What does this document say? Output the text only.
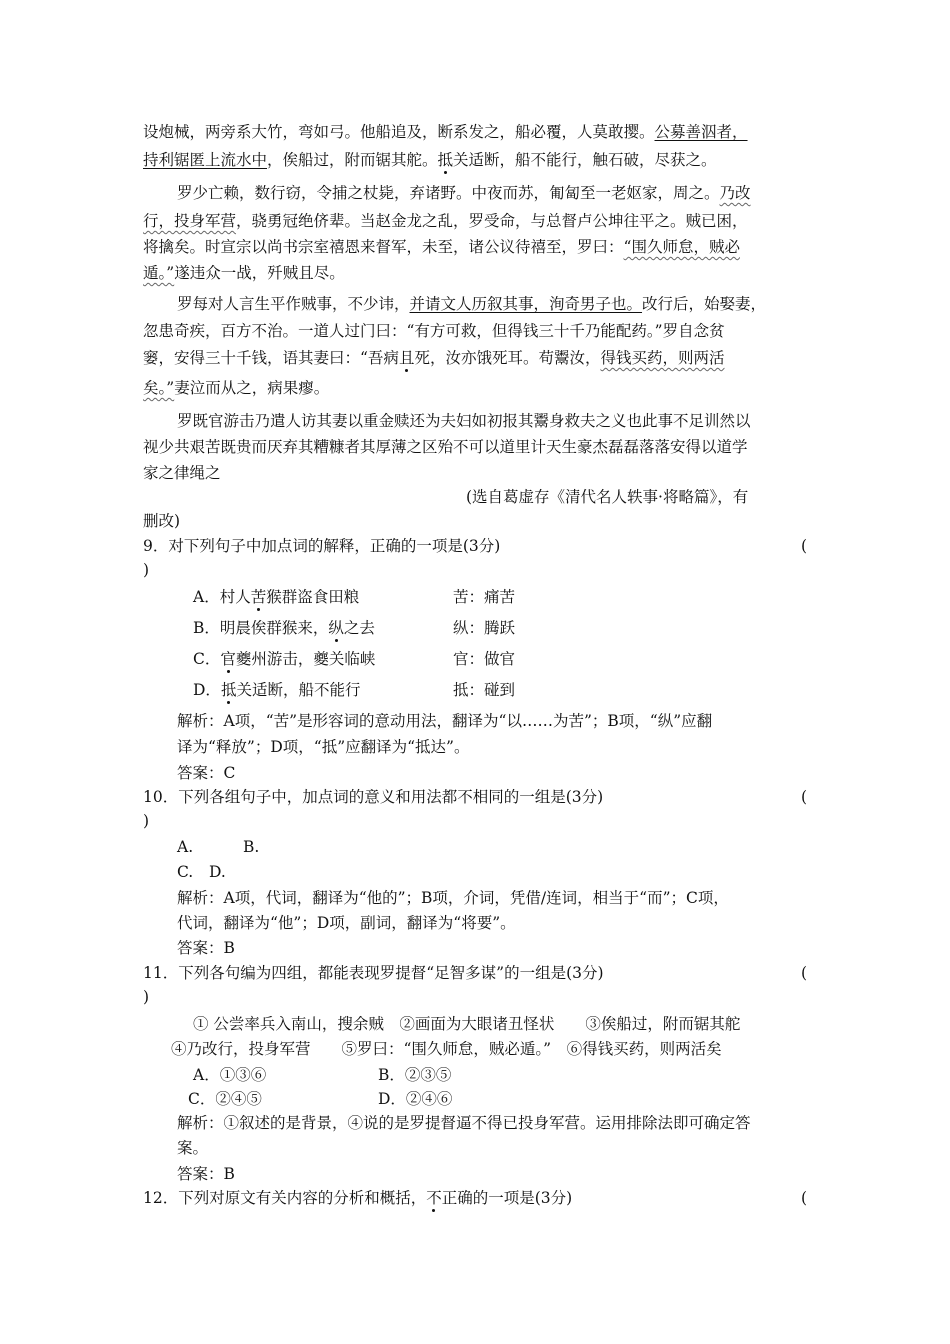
设炮械，两旁系大竹，弯如弓。他船追及，断系发之，船必覆，人莫敢撄。公募善泅者，
持利锯匿上流水中，俟船过，附而锯其舵。抵关适断，船不能行，触石破，尽获之。
罗少亡赖，数行窃，令捕之杖毙，弃诸野。中夜而苏，匍匐至一老妪家，周之。乃改
行，投身军营，骁勇冠绝侪辈。当赵金龙之乱，罗受命，与总督卢公坤往平之。贼已困，
将擒矣。时宣宗以尚书宗室禧恩来督军，未至，诸公议待禧至，罗曰：“围久师怠，贼必
遁。”遂违众一战，歼贼且尽。
罗每对人言生平作贼事，不少讳，并请文人历叙其事，洵奇男子也。改行后，始娶妻，
忽患奇疾，百方不治。一道人过门曰：“有方可救，但得钱三十千乃能配药。”罗自念贫
窭，安得三十千钱，语其妻曰：“吾病且死，汝亦饿死耳。苟鬻汝，得钱买药，则两活
矣。”妻泣而从之，病果瘳。
罗既官游击乃遣人访其妻以重金赎还为夫妇如初报其鬻身救夫之义也此事不足训然以
视少共艰苦既贵而厌弃其糟糠者其厚薄之区殆不可以道里计天生豪杰磊磊落落安得以道学
家之律绳之
(选自葛虚存《清代名人轶事·将略篇》，有
删改)
9．对下列句子中加点词的解释，正确的一项是(3分)	(
)
A．村人苦猴群盗食田粮	苦：痛苦
B．明晨俟群猴来，纵之去	纵：腾跃
C．官夔州游击，夔关临峡	官：做官
D．抵关适断，船不能行	抵：碰到
解析：A项，“苦”是形容词的意动用法，翻译为“以……为苦”；B项，“纵”应翻
译为“释放”；D项，“抵”应翻译为“抵达”。
答案：C
10．下列各组句子中，加点词的意义和用法都不相同的一组是(3分)	(
)
A.	B.
C. D.
解析：A项，代词，翻译为“他的”；B项，介词，凭借/连词，相当于“而”；C项，
代词，翻译为“他”；D项，副词，翻译为“将要”。
答案：B
11．下列各句编为四组，都能表现罗提督“足智多谋”的一组是(3分)	(
)
① 公尝率兵入南山，搜余贼　②画面为大眼诸丑怪状　　③俟船过，附而锯其舵
④乃改行，投身军营　　⑤罗曰：“围久师怠，贼必遁。”　⑥得钱买药，则两活矣
A．①③⑥	B．②③⑤
C．②④⑤	D．②④⑥
解析：①叙述的是背景，④说的是罗提督逼不得已投身军营。运用排除法即可确定答
案。
答案：B
12．下列对原文有关内容的分析和概括，不正确的一项是(3分)	(
